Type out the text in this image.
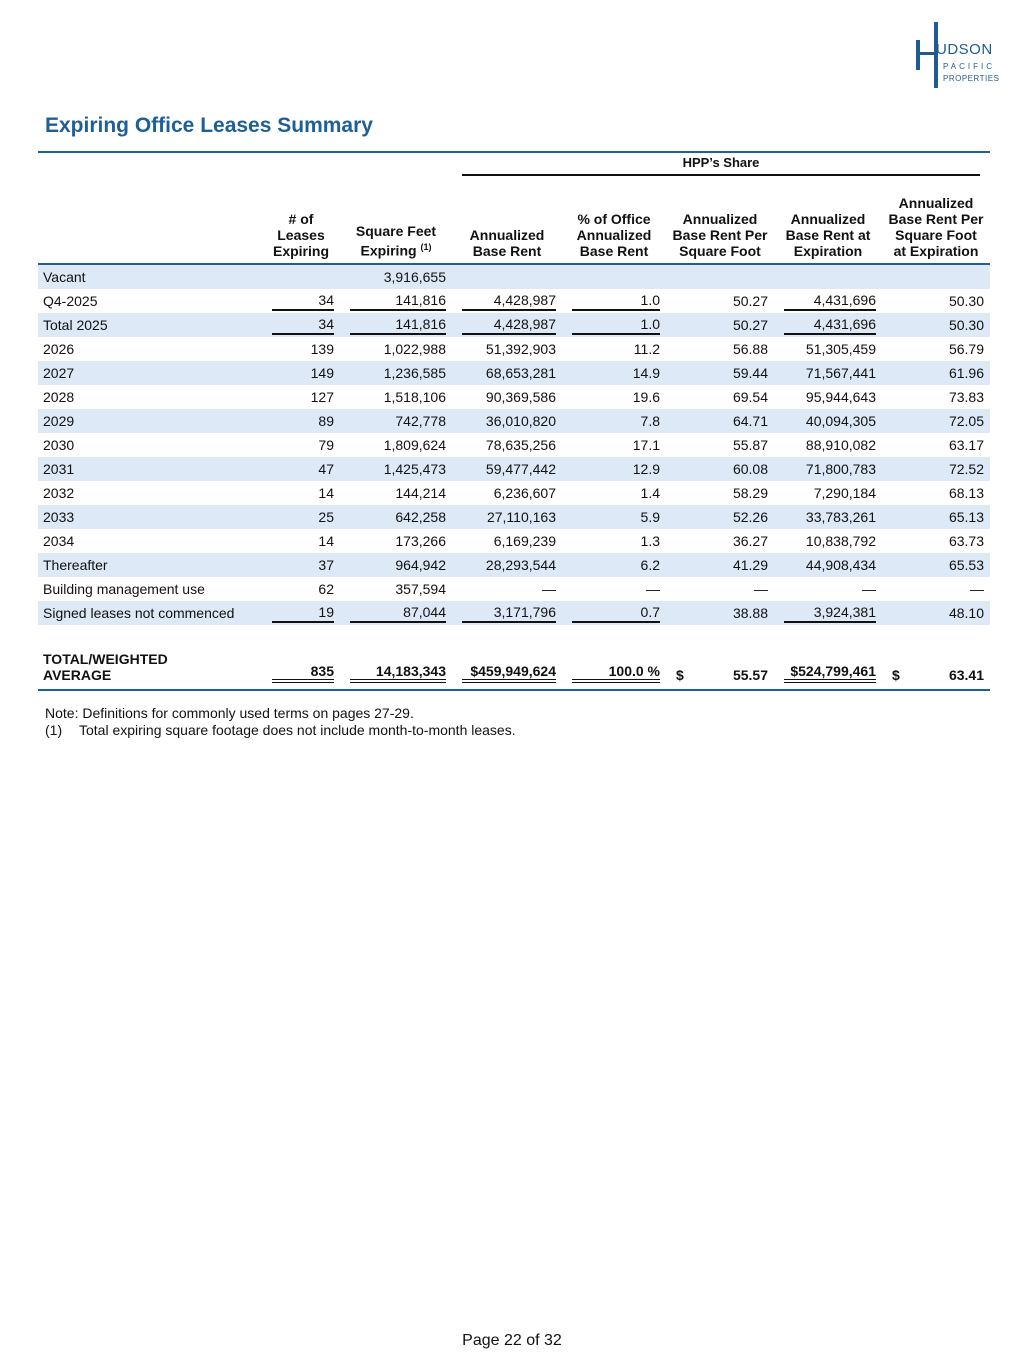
UDSON
PACIFIC
PROPERTIES
Expiring Office Leases Summary

			HPP’s Share				

	# of Leases Expiring	Square Feet Expiring $^{(1)}$	Annualized Base Rent	% of Office Annualized Base Rent	Annualized Base Rent Per Square Foot	Annualized Base Rent at Expiration	Annualized Base Rent Per Square Foot at Expiration
Vacant		3,916,655					

Q4-2025	34	141,816	4,428,987	1.0	50.27	4,431,696	50.30

Total 2025	34	141,816	4,428,987	1.0	50.27	4,431,696	50.30

2026	139	1,022,988	51,392,903	11.2	56.88	51,305,459	56.79

2027	149	1,236,585	68,653,281	14.9	59.44	71,567,441	61.96

2028	127	1,518,106	90,369,586	19.6	69.54	95,944,643	73.83

2029	89	742,778	36,010,820	7.8	64.71	40,094,305	72.05

2030	79	1,809,624	78,635,256	17.1	55.87	88,910,082	63.17

2031	47	1,425,473	59,477,442	12.9	60.08	71,800,783	72.52

2032	14	144,214	6,236,607	1.4	58.29	7,290,184	68.13

2033	25	642,258	27,110,163	5.9	52.26	33,783,261	65.13

2034	14	173,266	6,169,239	1.3	36.27	10,838,792	63.73

Thereafter	37	964,942	28,293,544	6.2	41.29	44,908,434	65.53

Building management use	62	357,594	—	—	—	—	—

Signed leases not commenced	19	87,044	3,171,796	0.7	38.88	3,924,381	48.10

TOTAL/WEIGHTED
AVERAGE	835	14,183,343	$459,949,624	100.0 %	$ 55.57	$524,799,461	$ 63.41
Note: Definitions for commonly used terms on pages 27-29.
(1)	Total expiring square footage does not include month-to-month leases.
Page 22 of 32
